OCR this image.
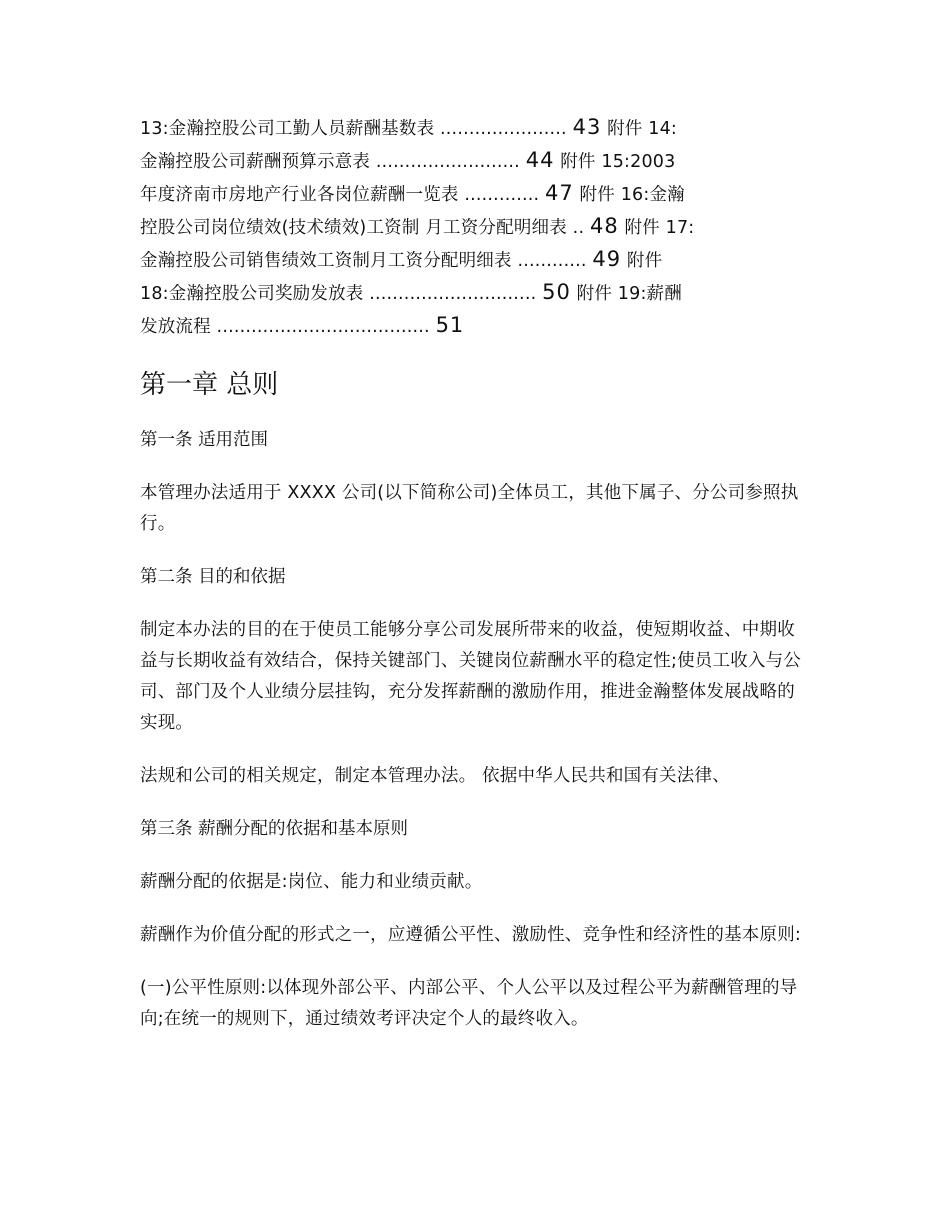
13:金瀚控股公司工勤人员薪酬基数表 ...................... 43 附件 14:
金瀚控股公司薪酬预算示意表 ......................... 44 附件 15:2003
年度济南市房地产行业各岗位薪酬一览表 ............. 47 附件 16:金瀚
控股公司岗位绩效(技术绩效)工资制 月工资分配明细表 .. 48 附件 17:
金瀚控股公司销售绩效工资制月工资分配明细表 ............ 49 附件
18:金瀚控股公司奖励发放表 ............................. 50 附件 19:薪酬
发放流程 ..................................... 51
第一章 总则
第一条 适用范围
本管理办法适用于 XXXX 公司(以下简称公司)全体员工，其他下属子、分公司参照执行。
第二条 目的和依据
制定本办法的目的在于使员工能够分享公司发展所带来的收益，使短期收益、中期收益与长期收益有效结合，保持关键部门、关键岗位薪酬水平的稳定性;使员工收入与公司、部门及个人业绩分层挂钩，充分发挥薪酬的激励作用，推进金瀚整体发展战略的实现。
法规和公司的相关规定，制定本管理办法。 依据中华人民共和国有关法律、
第三条 薪酬分配的依据和基本原则
薪酬分配的依据是:岗位、能力和业绩贡献。
薪酬作为价值分配的形式之一，应遵循公平性、激励性、竞争性和经济性的基本原则:
(一)公平性原则:以体现外部公平、内部公平、个人公平以及过程公平为薪酬管理的导向;在统一的规则下，通过绩效考评决定个人的最终收入。
